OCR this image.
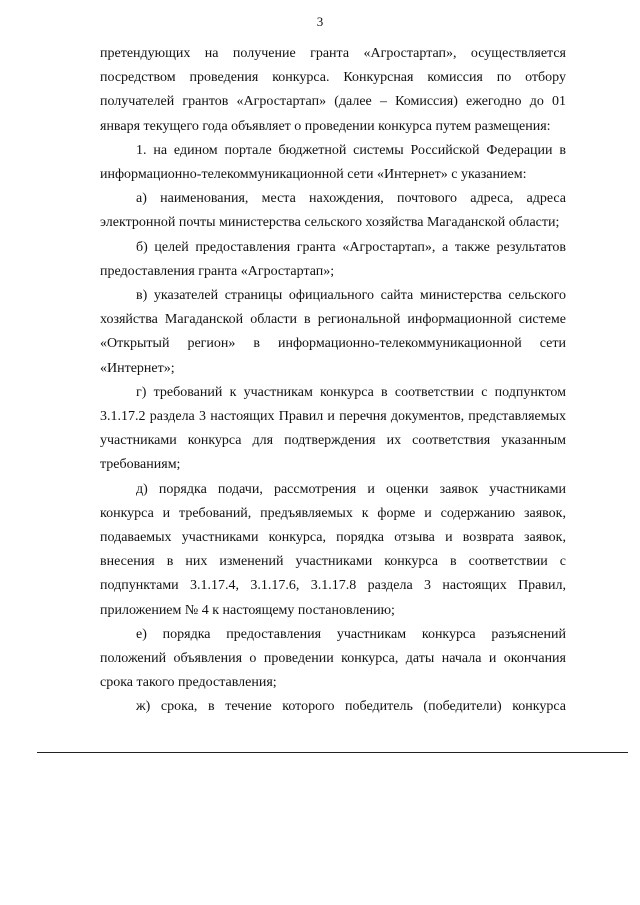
3

претендующих на получение гранта «Агростартап», осуществляется посредством проведения конкурса. Конкурсная комиссия по отбору получателей грантов «Агростартап» (далее – Комиссия) ежегодно до 01 января текущего года объявляет о проведении конкурса путем размещения:

1. на едином портале бюджетной системы Российской Федерации в информационно-телекоммуникационной сети «Интернет» с указанием:

а) наименования, места нахождения, почтового адреса, адреса электронной почты министерства сельского хозяйства Магаданской области;

б) целей предоставления гранта «Агростартап», а также результатов предоставления гранта «Агростартап»;

в) указателей страницы официального сайта министерства сельского хозяйства Магаданской области в региональной информационной системе «Открытый регион» в информационно-телекоммуникационной сети «Интернет»;

г) требований к участникам конкурса в соответствии с подпунктом 3.1.17.2 раздела 3 настоящих Правил и перечня документов, представляемых участниками конкурса для подтверждения их соответствия указанным требованиям;

д) порядка подачи, рассмотрения и оценки заявок участниками конкурса и требований, предъявляемых к форме и содержанию заявок, подаваемых участниками конкурса, порядка отзыва и возврата заявок, внесения в них изменений участниками конкурса в соответствии с подпунктами 3.1.17.4, 3.1.17.6, 3.1.17.8 раздела 3 настоящих Правил, приложением № 4 к настоящему постановлению;

е) порядка предоставления участникам конкурса разъяснений положений объявления о проведении конкурса, даты начала и окончания срока такого предоставления;

ж) срока, в течение которого победитель (победители) конкурса
